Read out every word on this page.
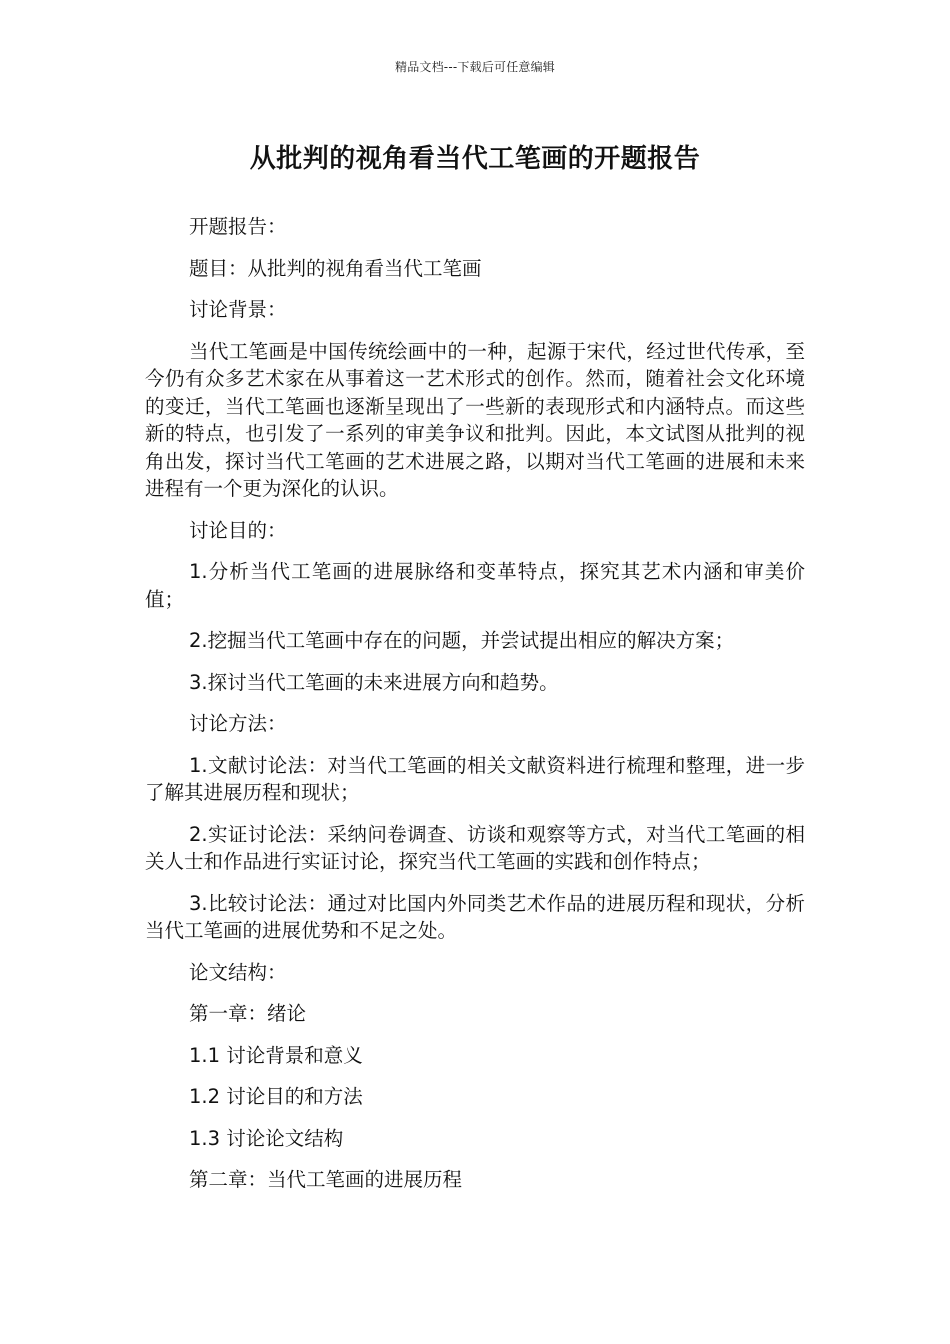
精品文档---下载后可任意编辑
从批判的视角看当代工笔画的开题报告

开题报告：

题目：从批判的视角看当代工笔画

讨论背景：

当代工笔画是中国传统绘画中的一种，起源于宋代，经过世代传承，至今仍有众多艺术家在从事着这一艺术形式的创作。然而，随着社会文化环境的变迁，当代工笔画也逐渐呈现出了一些新的表现形式和内涵特点。而这些新的特点，也引发了一系列的审美争议和批判。因此，本文试图从批判的视角出发，探讨当代工笔画的艺术进展之路，以期对当代工笔画的进展和未来进程有一个更为深化的认识。

讨论目的：

1.分析当代工笔画的进展脉络和变革特点，探究其艺术内涵和审美价值；

2.挖掘当代工笔画中存在的问题，并尝试提出相应的解决方案；

3.探讨当代工笔画的未来进展方向和趋势。

讨论方法：

1.文献讨论法：对当代工笔画的相关文献资料进行梳理和整理，进一步了解其进展历程和现状；

2.实证讨论法：采纳问卷调查、访谈和观察等方式，对当代工笔画的相关人士和作品进行实证讨论，探究当代工笔画的实践和创作特点；

3.比较讨论法：通过对比国内外同类艺术作品的进展历程和现状，分析当代工笔画的进展优势和不足之处。

论文结构：

第一章：绪论

1.1 讨论背景和意义

1.2 讨论目的和方法

1.3 讨论论文结构

第二章：当代工笔画的进展历程
